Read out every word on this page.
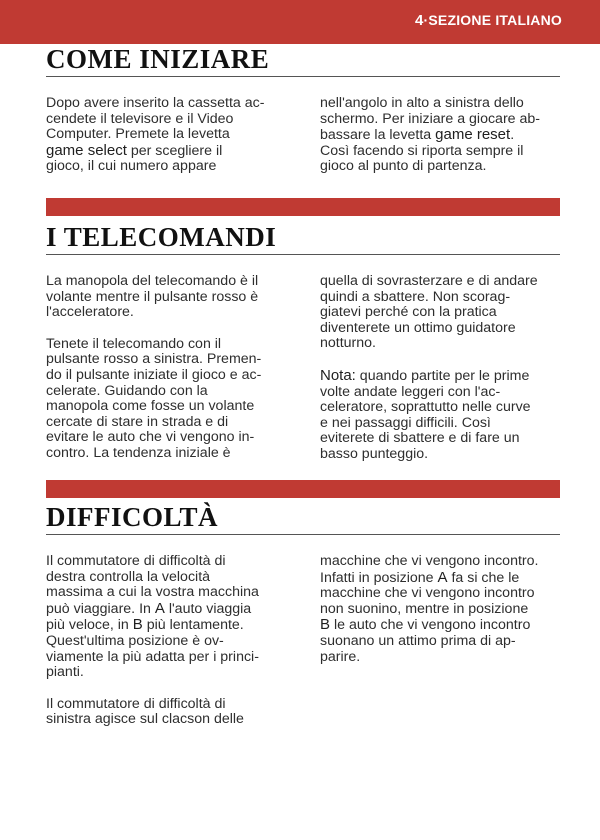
4·SEZIONE ITALIANO
COME INIZIARE

Dopo avere inserito la cassetta ac-
cendete il televisore e il Video
Computer. Premete la levetta
game select per scegliere il
gioco, il cui numero appare

nell'angolo in alto a sinistra dello
schermo. Per iniziare a giocare ab-
bassare la levetta game reset.
Così facendo si riporta sempre il
gioco al punto di partenza.

I TELECOMANDI

La manopola del telecomando è il
volante mentre il pulsante rosso è
l'acceleratore.

Tenete il telecomando con il
pulsante rosso a sinistra. Premen-
do il pulsante iniziate il gioco e ac-
celerate. Guidando con la
manopola come fosse un volante
cercate di stare in strada e di
evitare le auto che vi vengono in-
contro. La tendenza iniziale è

quella di sovrasterzare e di andare
quindi a sbattere. Non scorag-
giatevi perché con la pratica
diventerete un ottimo guidatore
notturno.

Nota: quando partite per le prime
volte andate leggeri con l'ac-
celeratore, soprattutto nelle curve
e nei passaggi difficili. Così
eviterete di sbattere e di fare un
basso punteggio.

DIFFICOLTÀ

Il commutatore di difficoltà di
destra controlla la velocità
massima a cui la vostra macchina
può viaggiare. In A l'auto viaggia
più veloce, in B più lentamente.
Quest'ultima posizione è ov-
viamente la più adatta per i princi-
pianti.

Il commutatore di difficoltà di
sinistra agisce sul clacson delle

macchine che vi vengono incontro.
Infatti in posizione A fa si che le
macchine che vi vengono incontro
non suonino, mentre in posizione
B le auto che vi vengono incontro
suonano un attimo prima di ap-
parire.
